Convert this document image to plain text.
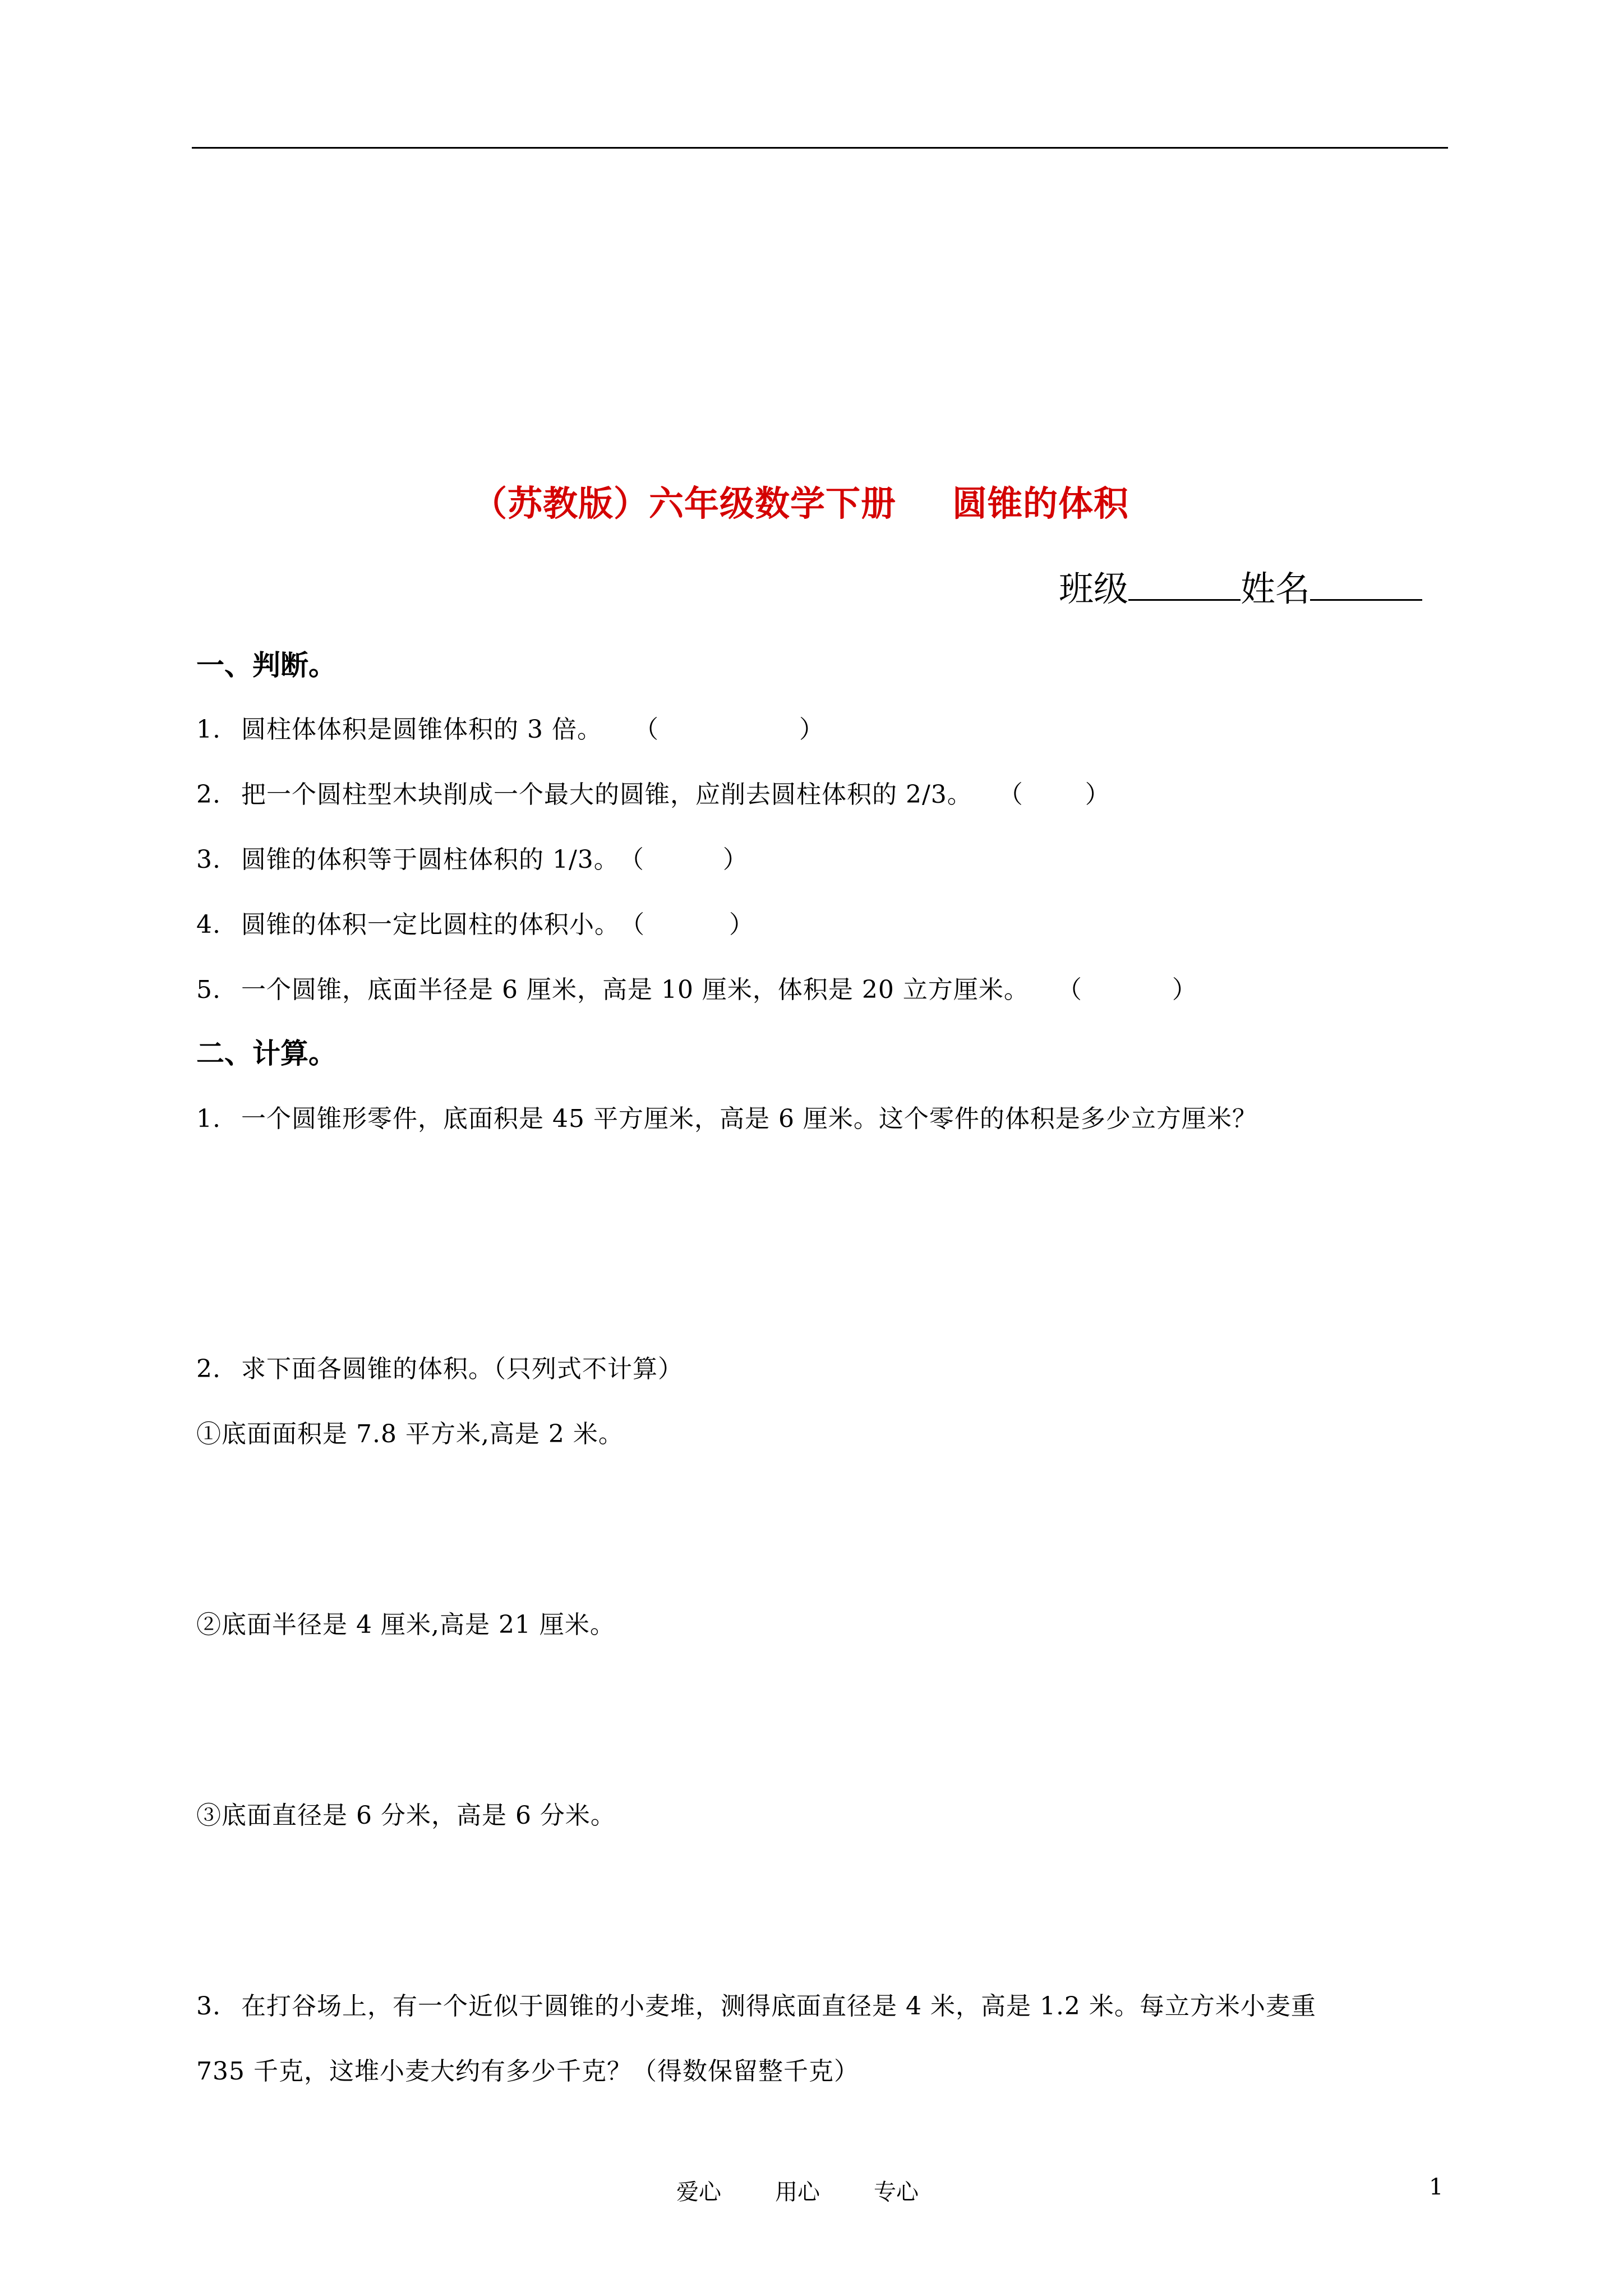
（苏教版）六年级数学下册 圆锥的体积
班级	姓名
一、判断。
1. 圆柱体体积是圆锥体积的 3 倍。 （	）
2. 把一个圆柱型木块削成一个最大的圆锥，应削去圆柱体积的 2/3。 （	）
3. 圆锥的体积等于圆柱体积的 1/3。（	）
4. 圆锥的体积一定比圆柱的体积小。（	）
5. 一个圆锥，底面半径是 6 厘米，高是 10 厘米，体积是 20 立方厘米。 （	）
二、计算。
1. 一个圆锥形零件，底面积是 45 平方厘米，高是 6 厘米。这个零件的体积是多少立方厘米？
2. 求下面各圆锥的体积。（只列式不计算）
①底面面积是 7.8 平方米,高是 2 米。
②底面半径是 4 厘米,高是 21 厘米。
③底面直径是 6 分米，高是 6 分米。
3. 在打谷场上，有一个近似于圆锥的小麦堆，测得底面直径是 4 米，高是 1.2 米。每立方米小麦重
735 千克，这堆小麦大约有多少千克？（得数保留整千克）
爱心 用心 专心	1
